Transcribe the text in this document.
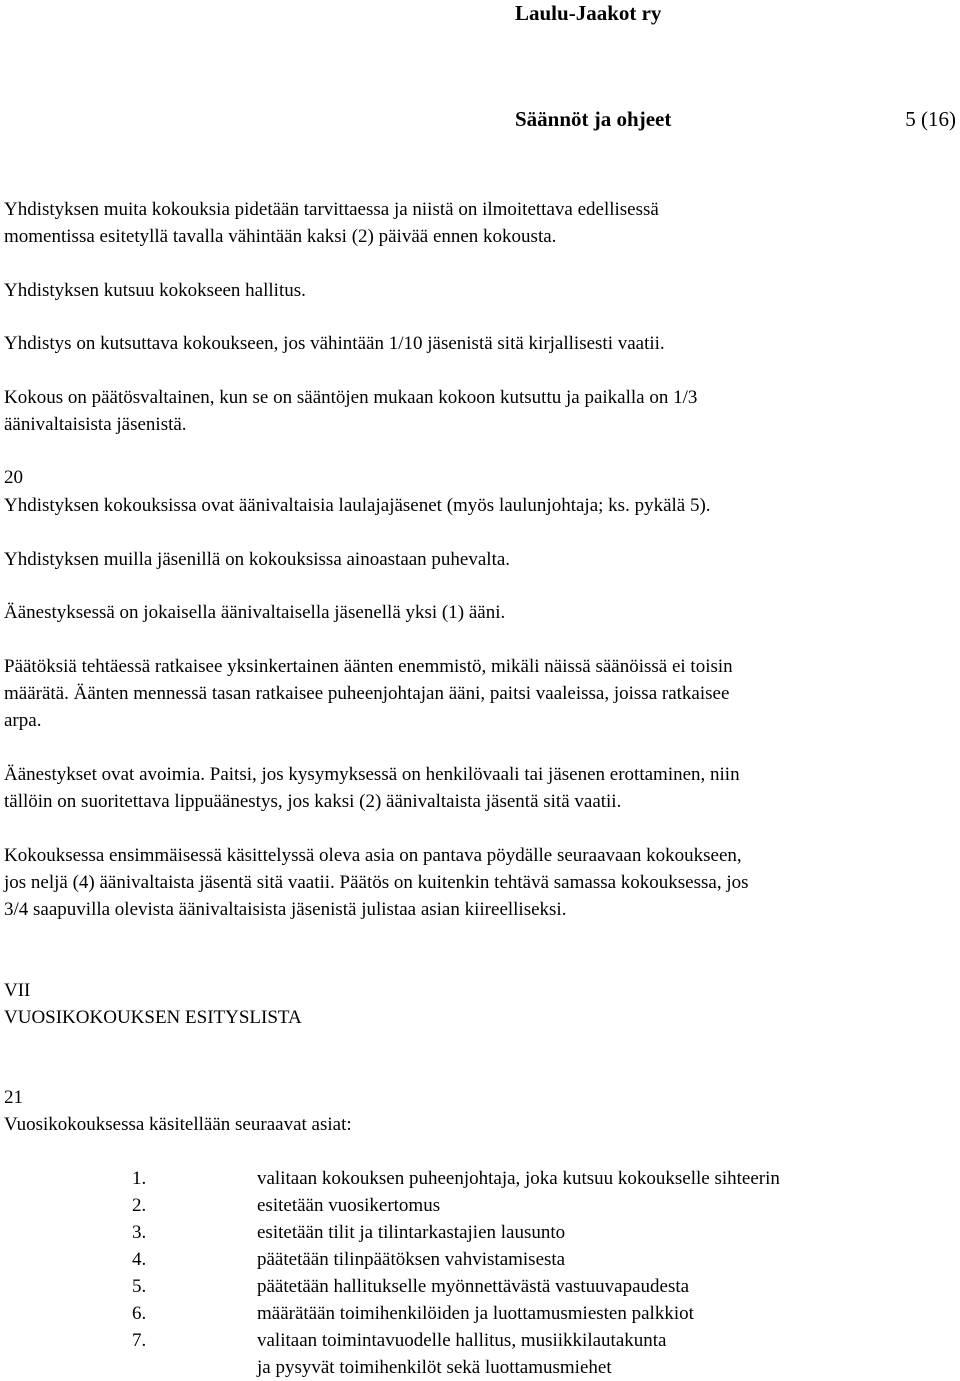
Laulu-Jaakot ry

Säännöt ja ohjeet	5 (16)

Yhdistyksen muita kokouksia pidetään tarvittaessa ja niistä on ilmoitettava edellisessä

momentissa esitetyllä tavalla vähintään kaksi (2) päivää ennen kokousta.

Yhdistyksen kutsuu kokokseen hallitus.

Yhdistys on kutsuttava kokoukseen, jos vähintään 1/10 jäsenistä sitä kirjallisesti vaatii.

Kokous on päätösvaltainen, kun se on sääntöjen mukaan kokoon kutsuttu ja paikalla on 1/3

äänivaltaisista jäsenistä.

20

Yhdistyksen kokouksissa ovat äänivaltaisia laulajajäsenet (myös laulunjohtaja; ks. pykälä 5).

Yhdistyksen muilla jäsenillä on kokouksissa ainoastaan puhevalta.

Äänestyksessä on jokaisella äänivaltaisella jäsenellä yksi (1) ääni.

Päätöksiä tehtäessä ratkaisee yksinkertainen äänten enemmistö, mikäli näissä säänöissä ei toisin

määrätä. Äänten mennessä tasan ratkaisee puheenjohtajan ääni, paitsi vaaleissa, joissa ratkaisee

arpa.

Äänestykset ovat avoimia. Paitsi, jos kysymyksessä on henkilövaali tai jäsenen erottaminen, niin

tällöin on suoritettava lippuäänestys, jos kaksi (2) äänivaltaista jäsentä sitä vaatii.

Kokouksessa ensimmäisessä käsittelyssä oleva asia on pantava pöydälle seuraavaan kokoukseen,

jos neljä (4) äänivaltaista jäsentä sitä vaatii. Päätös on kuitenkin tehtävä samassa kokouksessa, jos

3/4 saapuvilla olevista äänivaltaisista jäsenistä julistaa asian kiireelliseksi.

VII

VUOSIKOKOUKSEN ESITYSLISTA

21

Vuosikokouksessa käsitellään seuraavat asiat:

1.	valitaan kokouksen puheenjohtaja, joka kutsuu kokoukselle sihteerin
2.	esitetään vuosikertomus
3.	esitetään tilit ja tilintarkastajien lausunto
4.	päätetään tilinpäätöksen vahvistamisesta
5.	päätetään hallitukselle myönnettävästä vastuuvapaudesta
6.	määrätään toimihenkilöiden ja luottamusmiesten palkkiot
7.	valitaan toimintavuodelle hallitus, musiikkilautakunta
ja pysyvät toimihenkilöt sekä luottamusmiehet
